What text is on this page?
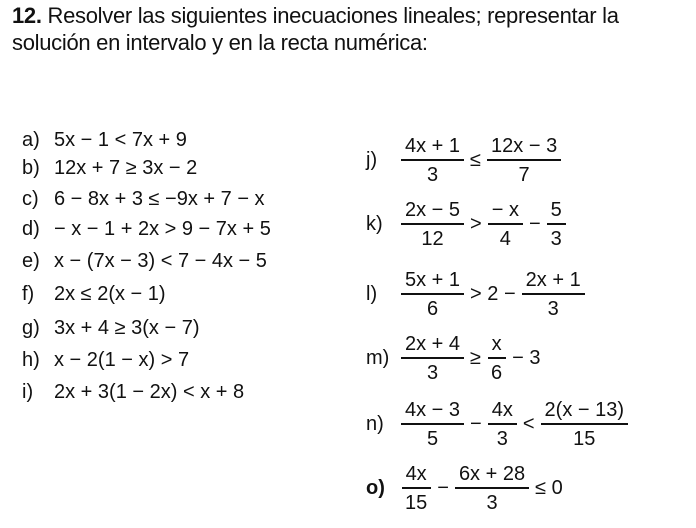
12. Resolver las siguientes inecuaciones lineales; representar la
solución en intervalo y en la recta numérica:
a) 5x − 1 < 7x + 9
b) 12x + 7 ≥ 3x − 2
c) 6 − 8x + 3 ≤ −9x + 7 − x
d) − x − 1 + 2x > 9 − 7x + 5
e) x − (7x − 3) < 7 − 4x − 5
f) 2x ≤ 2(x − 1)
g) 3x + 4 ≥ 3(x − 7)
h) x − 2(1 − x) > 7
i)	2x + 3(1 − 2x) < x + 8
j)	$\frac{4x + 1}{3} \le \frac{12x - 3}{7}$
$k) \frac{2x - 5}{12} > \frac{- x}{4} - \frac{5}{3}$
l)	$\frac{5x + 1}{6} > 2 - \frac{2x + 1}{3}$
$m) \frac{2x + 4}{3} \ge \frac{x}{6} - 3$
$n) \frac{4x - 3}{5} - \frac{4x}{3} < \frac{2(x - 13)}{15}$
$o) \frac{4x}{15} - \frac{6x + 28}{3} \le 0$
